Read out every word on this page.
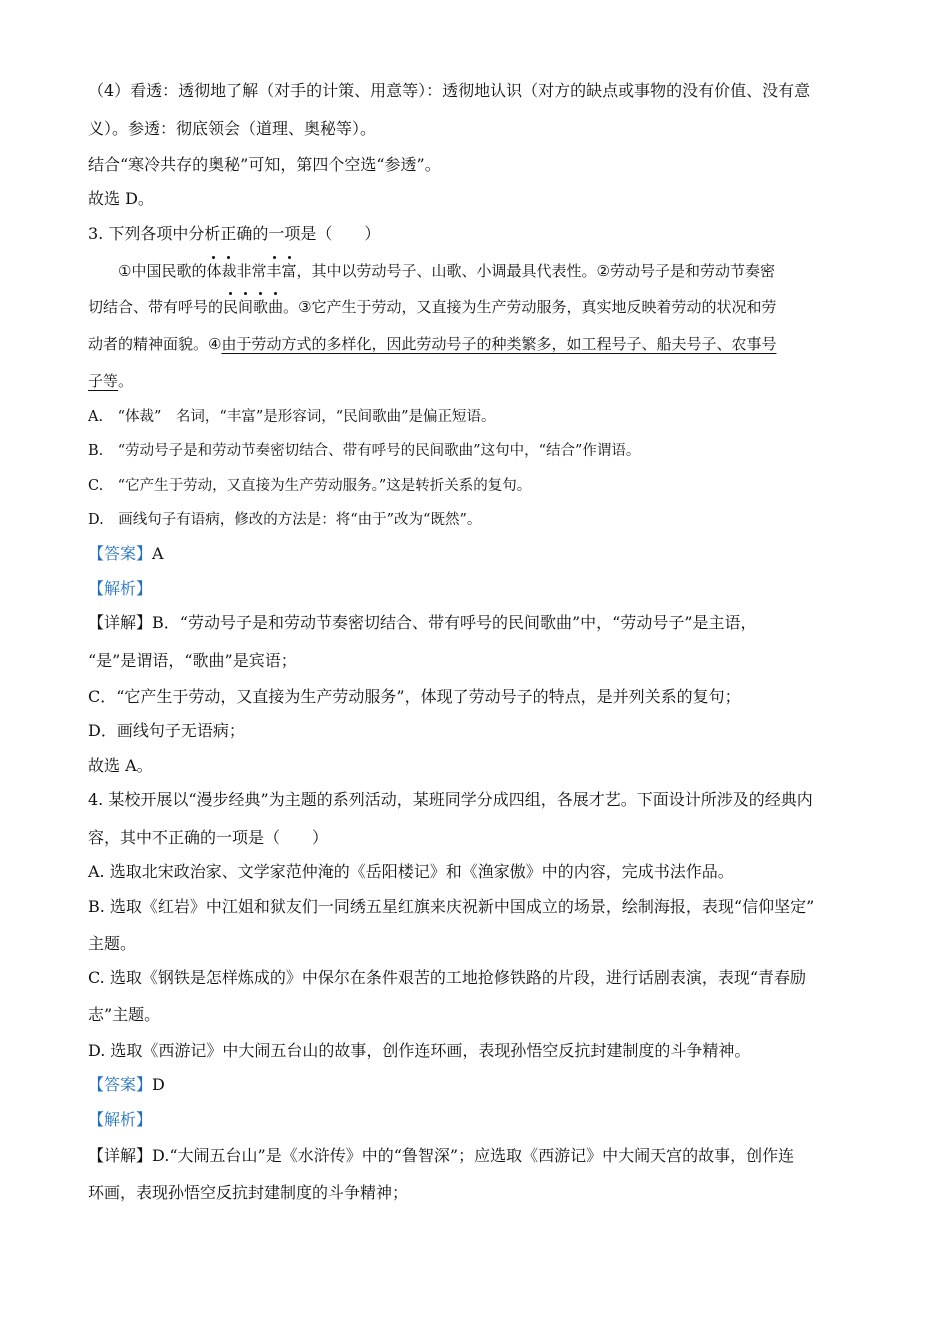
（4）看透：透彻地了解（对手的计策、用意等）：透彻地认识（对方的缺点或事物的没有价值、没有意
义）。参透：彻底领会（道理、奥秘等）。
结合“寒冷共存的奥秘”可知，第四个空选“参透”。
故选 D。
3. 下列各项中分析正确的一项是（　　）
①中国民歌的体裁非常丰富，其中以劳动号子、山歌、小调最具代表性。②劳动号子是和劳动节奏密
切结合、带有呼号的民间歌曲。③它产生于劳动，又直接为生产劳动服务，真实地反映着劳动的状况和劳
动者的精神面貌。④由于劳动方式的多样化，因此劳动号子的种类繁多，如工程号子、船夫号子、农事号
子等。
A.　“体裁”　名词，“丰富”是形容词，“民间歌曲”是偏正短语。
B.　“劳动号子是和劳动节奏密切结合、带有呼号的民间歌曲”这句中，“结合”作谓语。
C.　“它产生于劳动，又直接为生产劳动服务。”这是转折关系的复句。
D.　画线句子有语病，修改的方法是：将“由于”改为“既然”。
【答案】A
【解析】
【详解】B．“劳动号子是和劳动节奏密切结合、带有呼号的民间歌曲”中，“劳动号子”是主语，
“是”是谓语，“歌曲”是宾语；
C．“它产生于劳动，又直接为生产劳动服务”，体现了劳动号子的特点，是并列关系的复句；
D．画线句子无语病；
故选 A。
4. 某校开展以“漫步经典”为主题的系列活动，某班同学分成四组，各展才艺。下面设计所涉及的经典内
容，其中不正确的一项是（　　）
A. 选取北宋政治家、文学家范仲淹的《岳阳楼记》和《渔家傲》中的内容，完成书法作品。
B. 选取《红岩》中江姐和狱友们一同绣五星红旗来庆祝新中国成立的场景，绘制海报，表现“信仰坚定”
主题。
C. 选取《钢铁是怎样炼成的》中保尔在条件艰苦的工地抢修铁路的片段，进行话剧表演，表现“青春励
志”主题。
D. 选取《西游记》中大闹五台山的故事，创作连环画，表现孙悟空反抗封建制度的斗争精神。
【答案】D
【解析】
【详解】D.“大闹五台山”是《水浒传》中的“鲁智深”；应选取《西游记》中大闹天宫的故事，创作连
环画，表现孙悟空反抗封建制度的斗争精神；
